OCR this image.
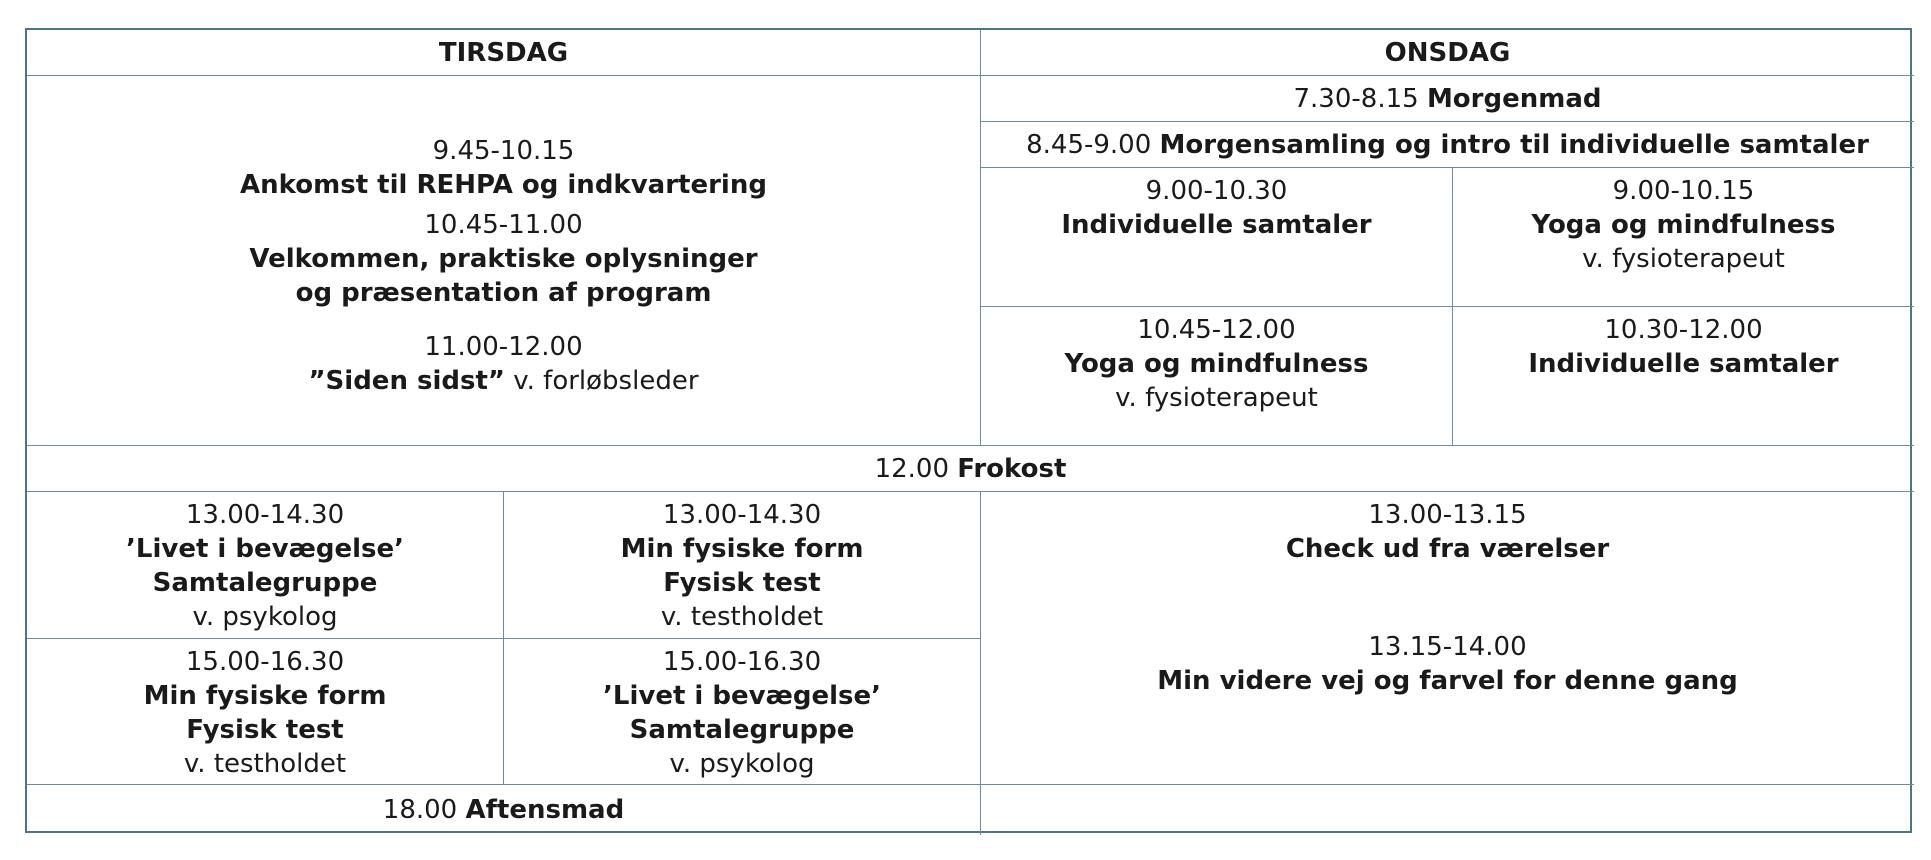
TIRSDAG	ONSDAG
9.45-10.15
Ankomst til REHPA og indkvartering
10.45-11.00
Velkommen, praktiske oplysninger
og præsentation af program
11.00-12.00
”Siden sidst” v. forløbsleder
7.30-8.15
Morgenmad
8.45-9.00
Morgensamling og intro til individuelle samtaler
9.00-10.30
Individuelle samtaler
9.00-10.15
Yoga og mindfulness
v. fysioterapeut
10.45-12.00
Yoga og mindfulness
v. fysioterapeut
10.30-12.00
Individuelle samtaler
12.00
Frokost
13.00-14.30
’Livet i bevægelse’
Samtalegruppe
v. psykolog
13.00-14.30
Min fysiske form
Fysisk test
v. testholdet
15.00-16.30
Min fysiske form
Fysisk test
v. testholdet
15.00-16.30
’Livet i bevægelse’
Samtalegruppe
v. psykolog
13.00-13.15
Check ud fra værelser
13.15-14.00
Min videre vej og farvel for denne gang
18.00
Aftensmad
